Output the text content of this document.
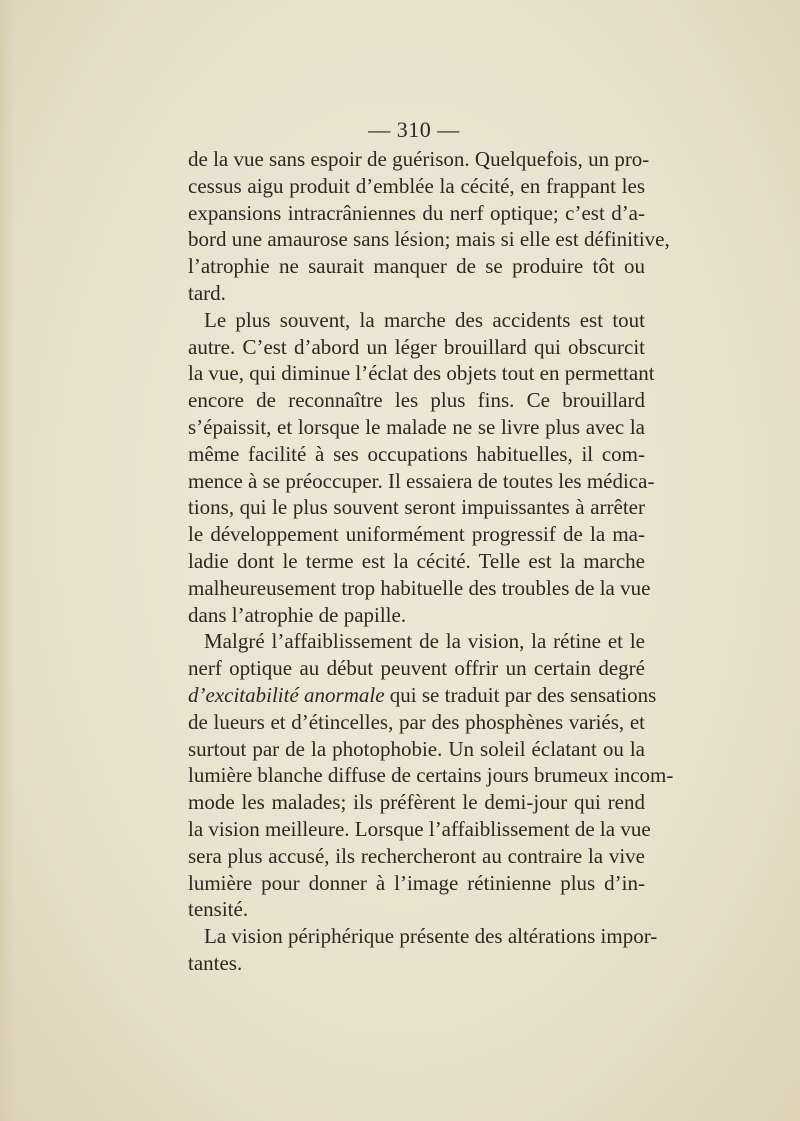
— 310 —
de la vue sans espoir de guérison. Quelquefois, un pro-
cessus aigu produit d’emblée la cécité, en frappant les
expansions intracrâniennes du nerf optique; c’est d’a-
bord une amaurose sans lésion; mais si elle est définitive,
l’atrophie ne saurait manquer de se produire tôt ou
tard.
Le plus souvent, la marche des accidents est tout
autre. C’est d’abord un léger brouillard qui obscurcit
la vue, qui diminue l’éclat des objets tout en permettant
encore de reconnaître les plus fins. Ce brouillard
s’épaissit, et lorsque le malade ne se livre plus avec la
même facilité à ses occupations habituelles, il com-
mence à se préoccuper. Il essaiera de toutes les médica-
tions, qui le plus souvent seront impuissantes à arrêter
le développement uniformément progressif de la ma-
ladie dont le terme est la cécité. Telle est la marche
malheureusement trop habituelle des troubles de la vue
dans l’atrophie de papille.
Malgré l’affaiblissement de la vision, la rétine et le
nerf optique au début peuvent offrir un certain degré
d’excitabilité anormale qui se traduit par des sensations
de lueurs et d’étincelles, par des phosphènes variés, et
surtout par de la photophobie. Un soleil éclatant ou la
lumière blanche diffuse de certains jours brumeux incom-
mode les malades; ils préfèrent le demi-jour qui rend
la vision meilleure. Lorsque l’affaiblissement de la vue
sera plus accusé, ils rechercheront au contraire la vive
lumière pour donner à l’image rétinienne plus d’in-
tensité.
La vision périphérique présente des altérations impor-
tantes.
